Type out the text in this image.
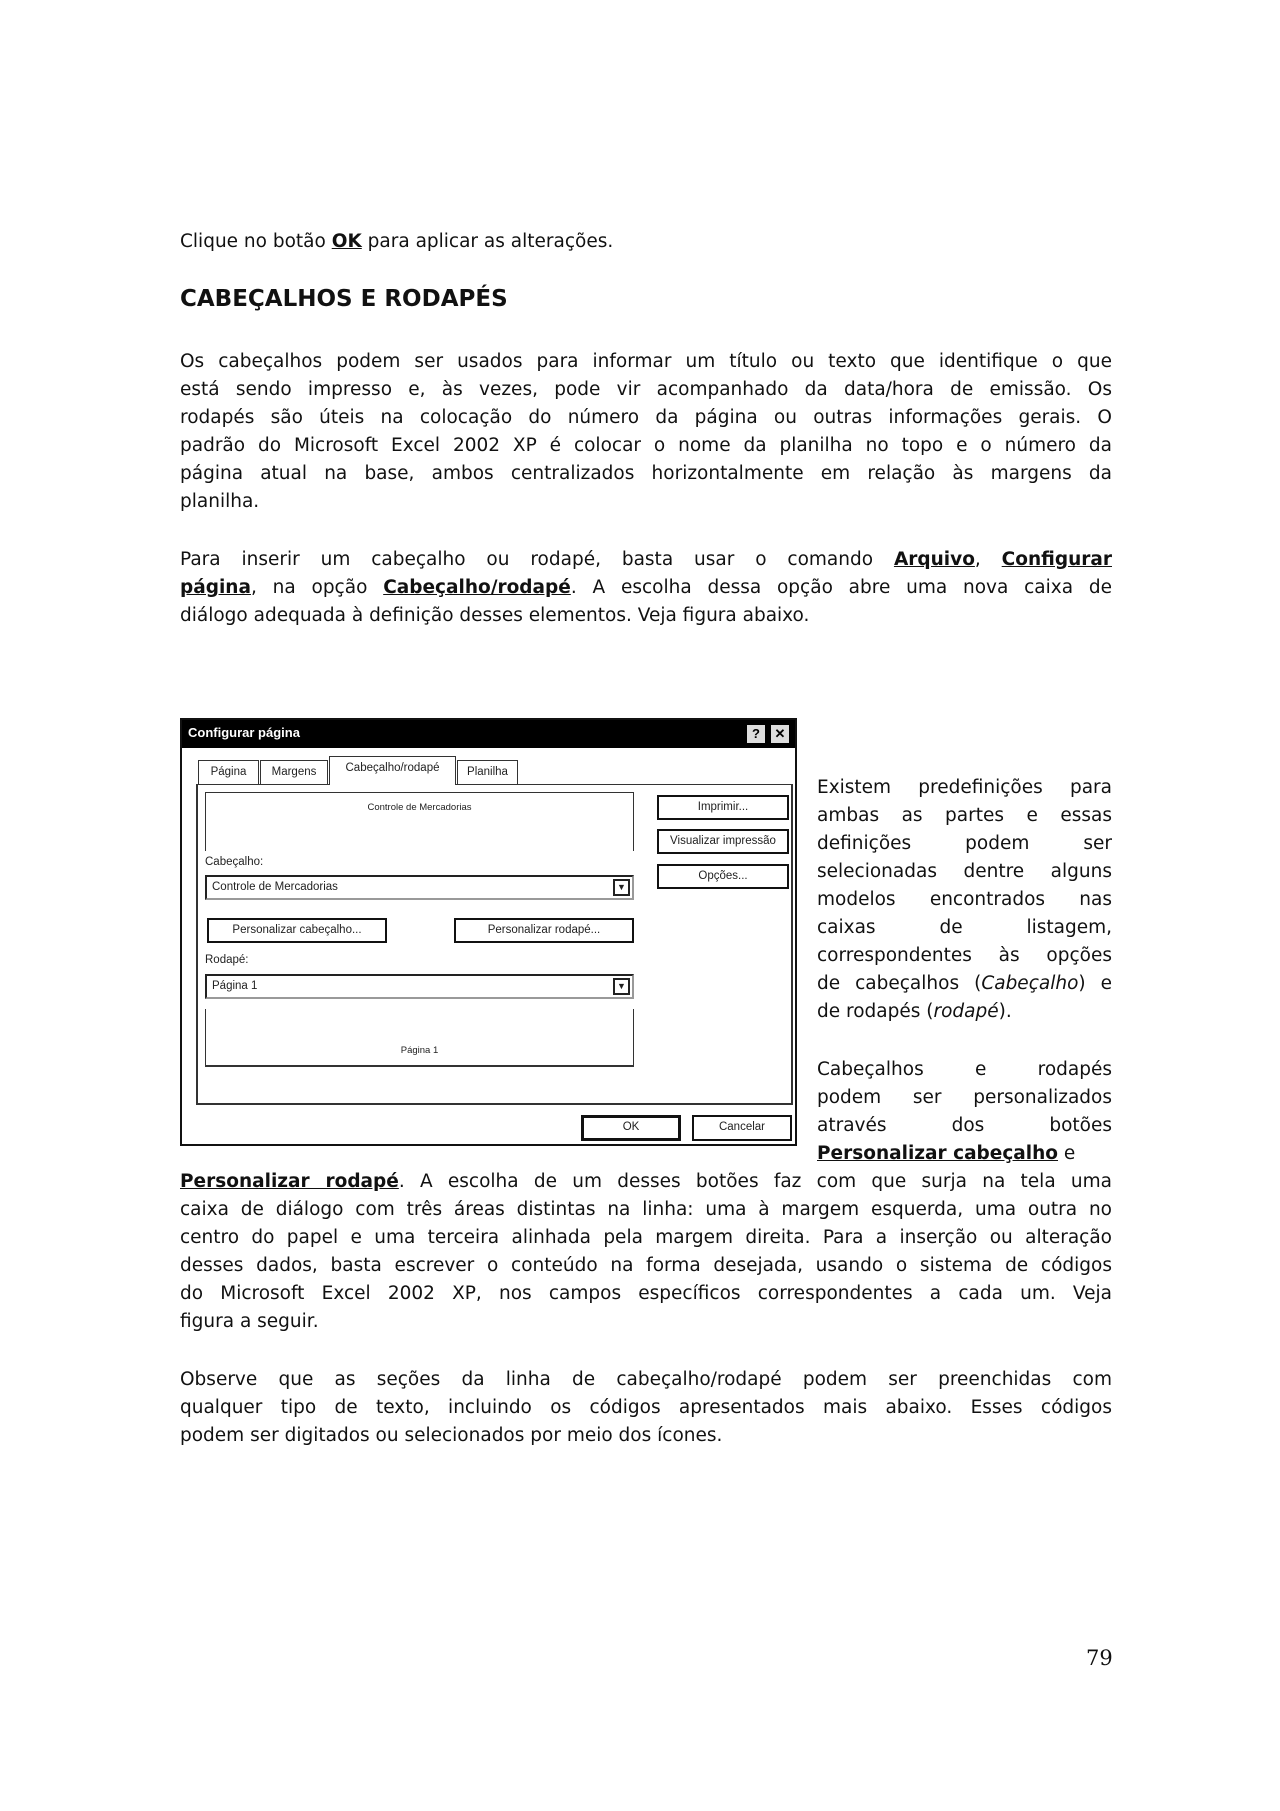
Clique no botão OK para aplicar as alterações.
CABEÇALHOS E RODAPÉS
Os cabeçalhos podem ser usados para informar um título ou texto que identifique o que
está sendo impresso e, às vezes, pode vir acompanhado da data/hora de emissão. Os
rodapés são úteis na colocação do número da página ou outras informações gerais. O
padrão do Microsoft Excel 2002 XP é colocar o nome da planilha no topo e o número da
página atual na base, ambos centralizados horizontalmente em relação às margens da
planilha.
Para inserir um cabeçalho ou rodapé, basta usar o comando Arquivo, Configurar
página, na opção Cabeçalho/rodapé. A escolha dessa opção abre uma nova caixa de
diálogo adequada à definição desses elementos. Veja figura abaixo.
Existem predefinições para
ambas as partes e essas
definições podem ser
selecionadas dentre alguns
modelos encontrados nas
caixas de listagem,
correspondentes às opções
de cabeçalhos (Cabeçalho) e
de rodapés (rodapé).
Cabeçalhos e rodapés
podem ser personalizados
através dos botões
Personalizar cabeçalho e
Personalizar rodapé. A escolha de um desses botões faz com que surja na tela uma
caixa de diálogo com três áreas distintas na linha: uma à margem esquerda, uma outra no
centro do papel e uma terceira alinhada pela margem direita. Para a inserção ou alteração
desses dados, basta escrever o conteúdo na forma desejada, usando o sistema de códigos
do Microsoft Excel 2002 XP, nos campos específicos correspondentes a cada um. Veja
figura a seguir.
Observe que as seções da linha de cabeçalho/rodapé podem ser preenchidas com
qualquer tipo de texto, incluindo os códigos apresentados mais abaixo. Esses códigos
podem ser digitados ou selecionados por meio dos ícones.
79
Configurar página	?	✕
Página	Margens	Cabeçalho/rodapé	Planilha
Controle de Mercadorias
Cabeçalho:
Controle de Mercadorias	▼
Personalizar cabeçalho...	Personalizar rodapé...
Rodapé:
Página 1	▼
Página 1
Imprimir...
Visualizar impressão
Opções...
OK	Cancelar
